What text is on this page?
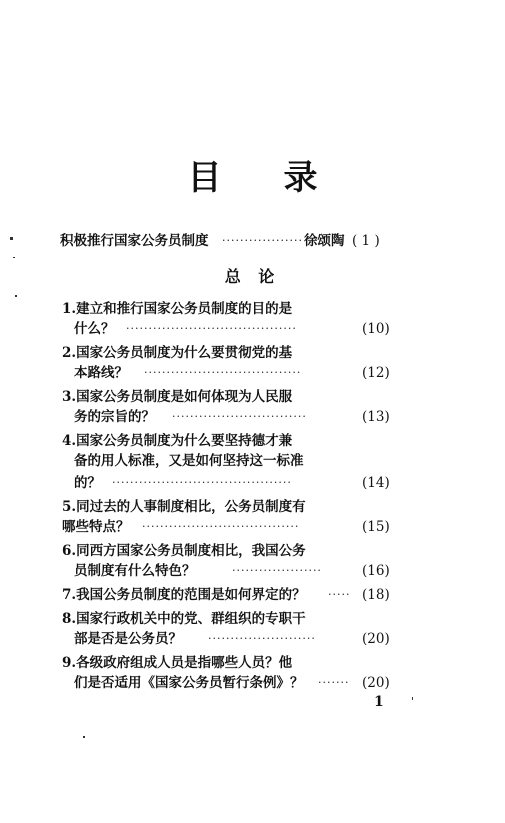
目 录
积极推行国家公务员制度 ·················· 徐颂陶 ( 1 )
总 论
1.建立和推行国家公务员制度的目的是
什么？ ······································	(10)
2.国家公务员制度为什么要贯彻党的基
本路线？ ···································	(12)
3.国家公务员制度是如何体现为人民服
务的宗旨的？ ······························	(13)
4.国家公务员制度为什么要坚持德才兼
备的用人标准，又是如何坚持这一标准
的？ ········································	(14)
5.同过去的人事制度相比，公务员制度有
哪些特点？ ···································	(15)
6.同西方国家公务员制度相比，我国公务
员制度有什么特色？	····················	(16)
7.我国公务员制度的范围是如何界定的？ ····· (18)
8.国家行政机关中的党、群组织的专职干
部是否是公务员？ ························	(20)
9.各级政府组成人员是指哪些人员？他
们是否适用《国家公务员暂行条例》？ ······· (20)
1
